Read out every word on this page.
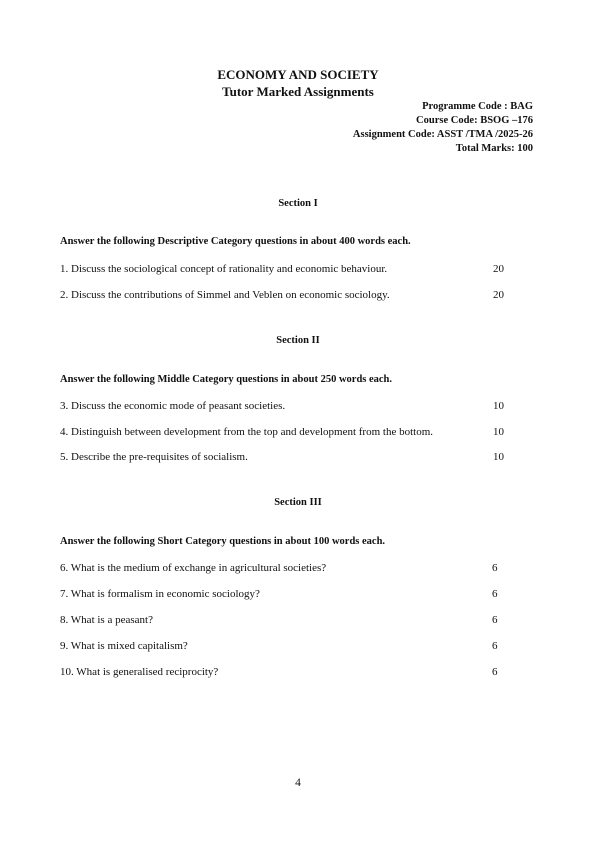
ECONOMY AND SOCIETY
Tutor Marked Assignments
Programme Code : BAG
Course Code: BSOG –176
Assignment Code: ASST /TMA /2025-26
Total Marks: 100
Section I
Answer the following Descriptive Category questions in about 400 words each.
1. Discuss the sociological concept of rationality and economic behaviour.	20
2. Discuss the contributions of Simmel and Veblen on economic sociology.	20
Section II
Answer the following Middle Category questions in about 250 words each.
3. Discuss the economic mode of peasant societies.	10
4. Distinguish between development from the top and development from the bottom.	10
5. Describe the pre-requisites of socialism.	10
Section III
Answer the following Short Category questions in about 100 words each.
6. What is the medium of exchange in agricultural societies?	6
7. What is formalism in economic sociology?	6
8. What is a peasant?	6
9. What is mixed capitalism?	6
10. What is generalised reciprocity?	6
4
